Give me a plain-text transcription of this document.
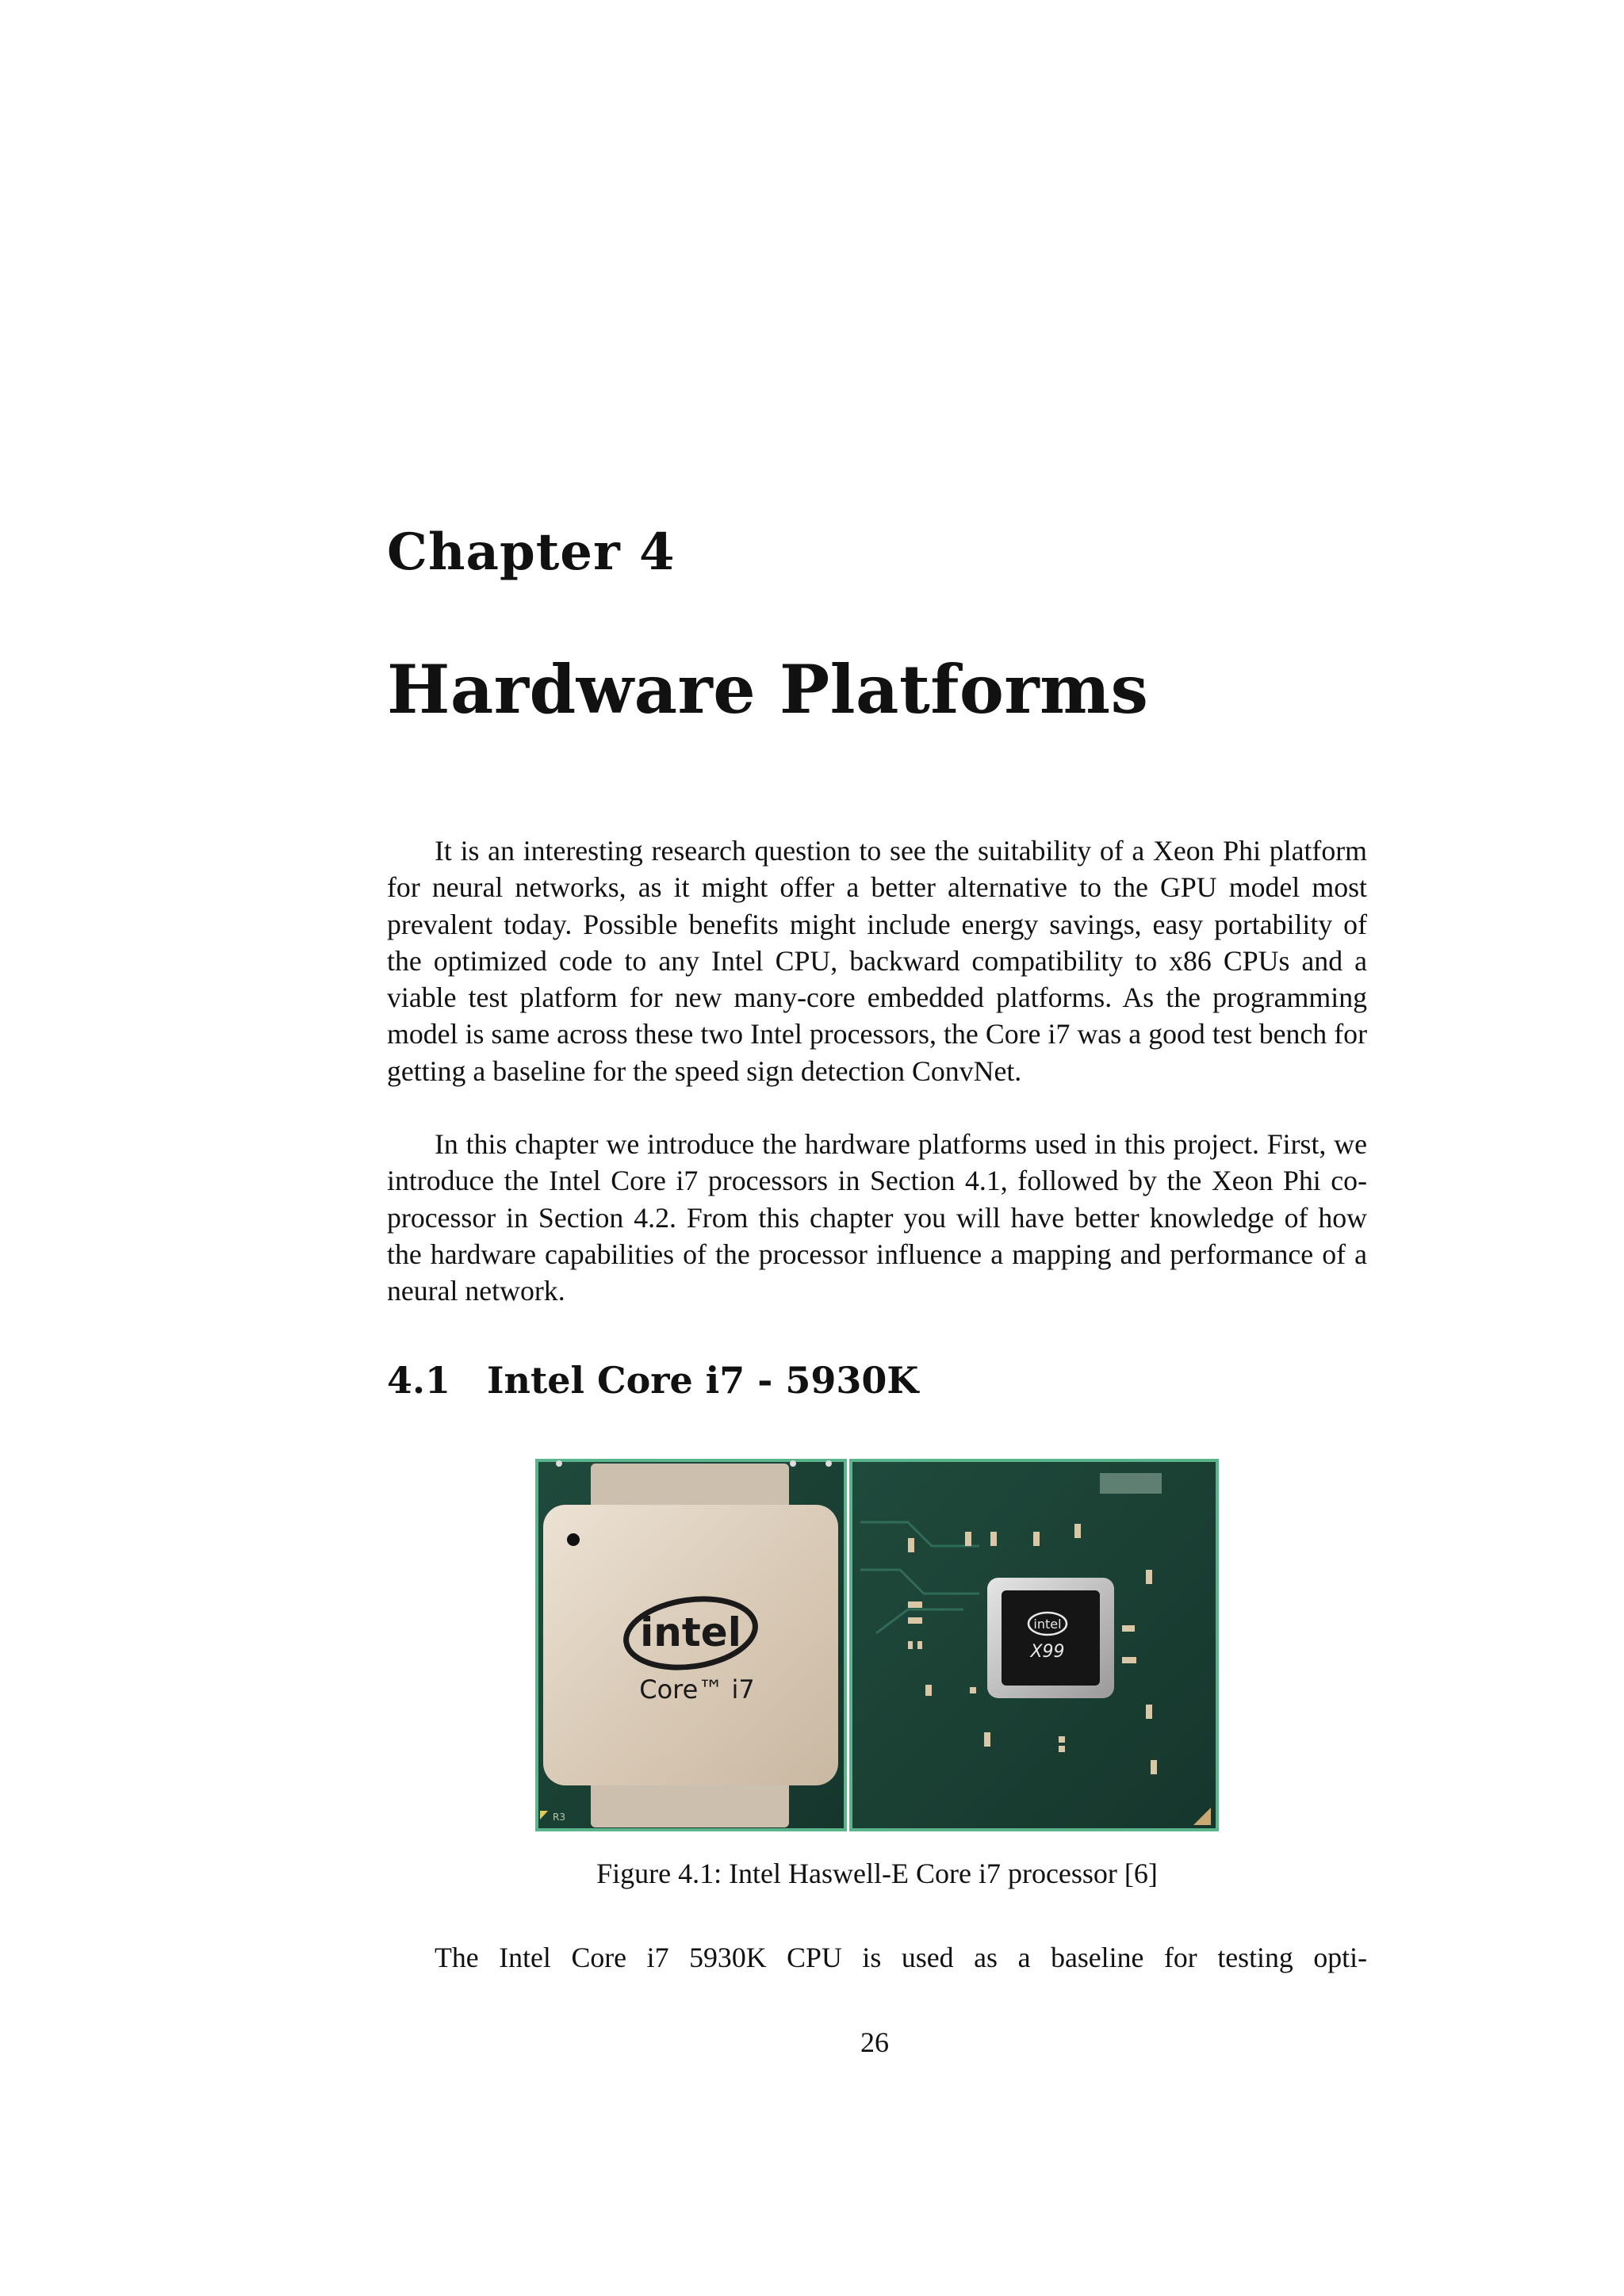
Chapter 4
Hardware Platforms

It is an interesting research question to see the suitability of a Xeon Phi platform for neural networks, as it might offer a better alternative to the GPU model most prevalent today. Possible benefits might include energy savings, easy portability of the optimized code to any Intel CPU, backward compatibility to x86 CPUs and a viable test platform for new many-core embedded platforms. As the programming model is same across these two Intel processors, the Core i7 was a good test bench for getting a baseline for the speed sign detection ConvNet.

In this chapter we introduce the hardware platforms used in this project. First, we introduce the Intel Core i7 processors in Section 4.1, followed by the Xeon Phi co-processor in Section 4.2. From this chapter you will have better knowledge of how the hardware capabilities of the processor influence a mapping and performance of a neural network.

4.1 Intel Core i7 - 5930K
R3
intel
Core™ i7
intel
X99
Figure 4.1: Intel Haswell-E Core i7 processor [6]

The Intel Core i7 5930K CPU is used as a baseline for testing opti-

26
